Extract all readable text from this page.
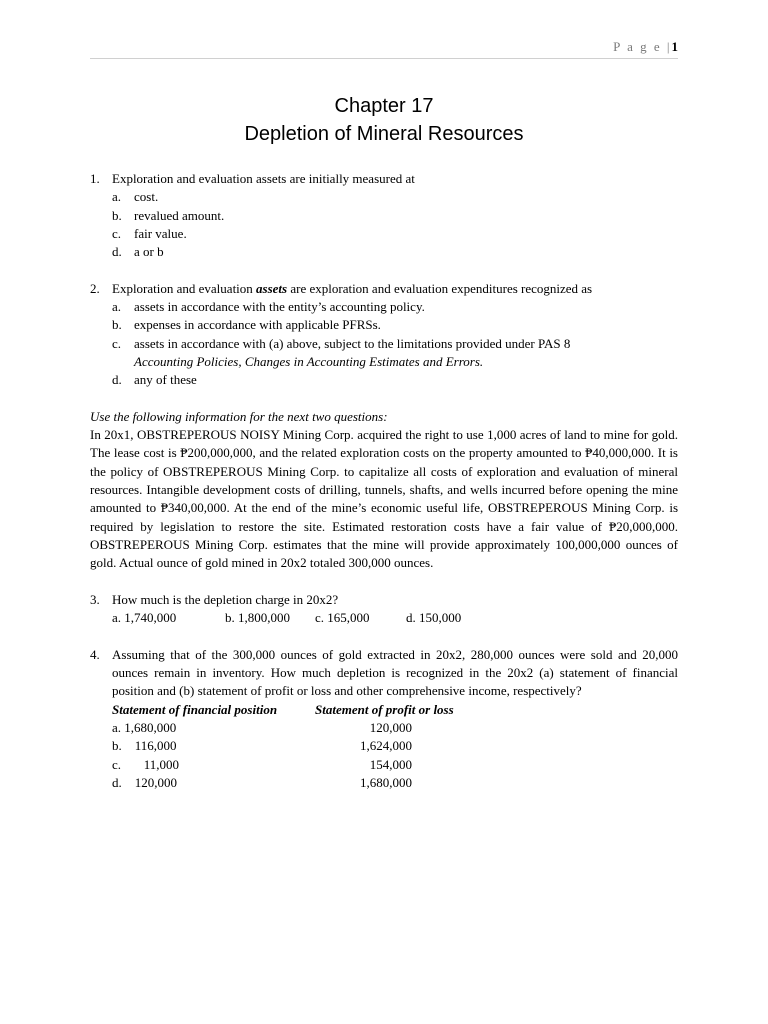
P a g e |1
Chapter 17
Depletion of Mineral Resources
1. Exploration and evaluation assets are initially measured at
a. cost.
b. revalued amount.
c. fair value.
d. a or b
2. Exploration and evaluation assets are exploration and evaluation expenditures recognized as
a. assets in accordance with the entity’s accounting policy.
b. expenses in accordance with applicable PFRSs.
c. assets in accordance with (a) above, subject to the limitations provided under PAS 8
Accounting Policies, Changes in Accounting Estimates and Errors.
d. any of these
Use the following information for the next two questions:
In 20x1, OBSTREPEROUS NOISY Mining Corp. acquired the right to use 1,000 acres of land to mine for gold. The lease cost is ₱200,000,000, and the related exploration costs on the property amounted to ₱40,000,000. It is the policy of OBSTREPEROUS Mining Corp. to capitalize all costs of exploration and evaluation of mineral resources. Intangible development costs of drilling, tunnels, shafts, and wells incurred before opening the mine amounted to ₱340,00,000. At the end of the mine’s economic useful life, OBSTREPEROUS Mining Corp. is required by legislation to restore the site. Estimated restoration costs have a fair value of ₱20,000,000. OBSTREPEROUS Mining Corp. estimates that the mine will provide approximately 100,000,000 ounces of gold. Actual ounce of gold mined in 20x2 totaled 300,000 ounces.
3. How much is the depletion charge in 20x2?
a. 1,740,000	b. 1,800,000	c. 165,000	d. 150,000
4. Assuming that of the 300,000 ounces of gold extracted in 20x2, 280,000 ounces were sold and 20,000 ounces remain in inventory. How much depletion is recognized in the 20x2 (a) statement of financial position and (b) statement of profit or loss and other comprehensive income, respectively?
Statement of financial position	Statement of profit or loss
a. 1,680,000	120,000
b.    116,000	1,624,000
c.       11,000	154,000
d.    120,000	1,680,000
